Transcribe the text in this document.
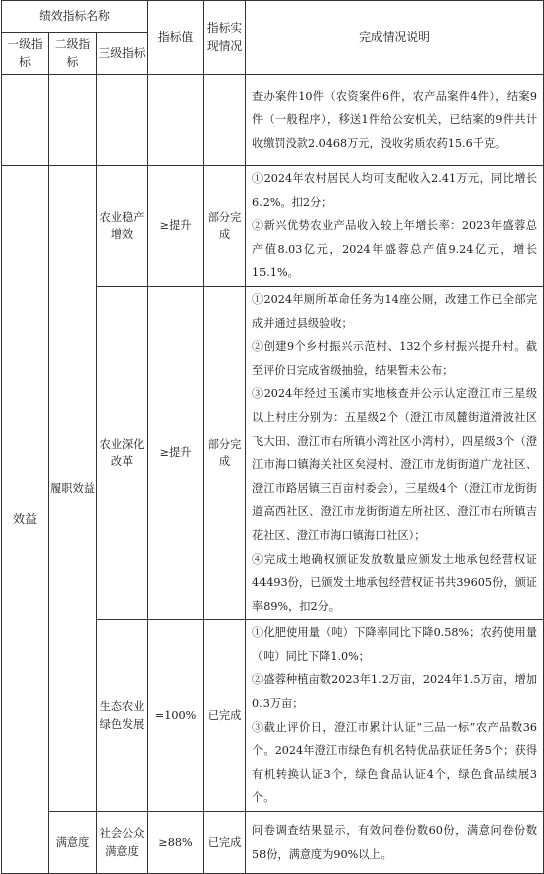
绩效指标名称			指标值	指标实现情况	完成情况说明
一级指标	二级指标	三级指标			

					查办案件10件（农资案件6件，农产品案件4件），结案9件（一般程序），移送1件给公安机关，已结案的9件共计收缴罚没款2.0468万元，没收劣质农药15.6千克。

效益	履职效益	农业稳产增效	≥提升	部分完成	①2024年农村居民人均可支配收入2.41万元，同比增长6.2%。扣2分；

②新兴优势农业产品收入较上年增长率：2023年盛蓉总产值8.03亿元，2024年盛蓉总产值9.24亿元，增长15.1%。

		农业深化改革	≥提升	部分完成	①2024年厕所革命任务为14座公厕，改建工作已全部完成并通过县级验收；

②创建9个乡村振兴示范村、132个乡村振兴提升村。截至评价日完成省级抽验，结果暂未公布；

③2024年经过玉溪市实地核查并公示认定澄江市三星级以上村庄分别为：五星级2个（澄江市凤麓街道滑波社区飞大田、澄江市右所镇小湾社区小湾村），四星级3个（澄江市海口镇海关社区矣浸村、澄江市龙街街道广龙社区、澄江市路居镇三百亩村委会），三星级4个（澄江市龙街街道高西社区、澄江市龙街街道左所社区、澄江市右所镇吉花社区、澄江市海口镇海口社区）；

④完成土地确权颁证发放数量应颁发土地承包经营权证44493份，已颁发土地承包经营权证书共39605份，颁证率89%，扣2分。

		生态农业绿色发展	=100%	已完成	①化肥使用量（吨）下降率同比下降0.58%；农药使用量（吨）同比下降1.0%；

②盛蓉种植亩数2023年1.2万亩，2024年1.5万亩，增加0.3万亩；

③截止评价日，澄江市累计认证“三品一标”农产品数36个。2024年澄江市绿色有机名特优品获证任务5个；获得有机转换认证3个，绿色食品认证4个，绿色食品续展3个。

	满意度	社会公众满意度	≥88%	已完成	问卷调查结果显示，有效问卷份数60份，满意问卷份数58份，满意度为90%以上。
